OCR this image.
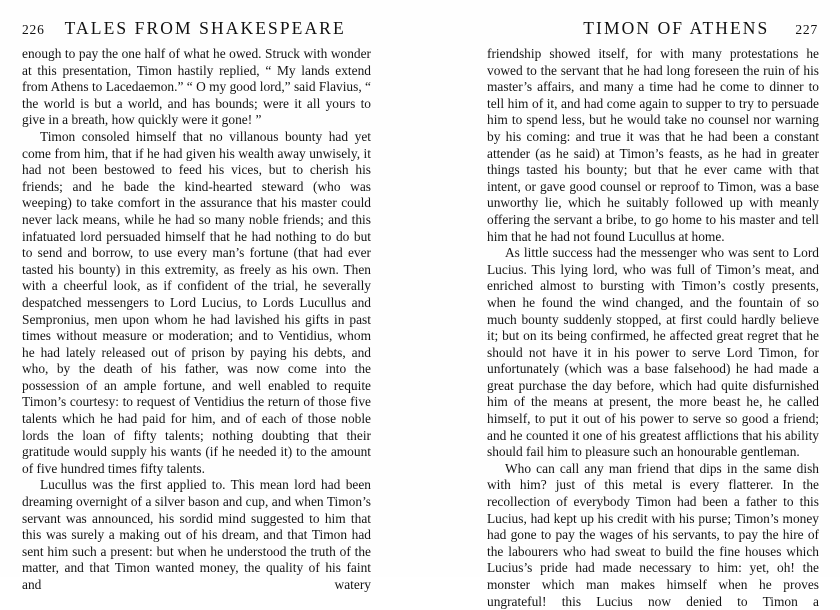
226 TALES FROM SHAKESPEARE	TIMON OF ATHENS 227

enough to pay the one half of what he owed. Struck with wonder at this presentation, Timon hastily replied, “ My lands extend from Athens to Lacedaemon.” “ O my good lord,” said Flavius, “ the world is but a world, and has bounds; were it all yours to give in a breath, how quickly were it gone! ”

Timon consoled himself that no villanous bounty had yet come from him, that if he had given his wealth away unwisely, it had not been bestowed to feed his vices, but to cherish his friends; and he bade the kind-hearted steward (who was weeping) to take comfort in the assurance that his master could never lack means, while he had so many noble friends; and this infatuated lord persuaded himself that he had nothing to do but to send and borrow, to use every man’s fortune (that had ever tasted his bounty) in this extremity, as freely as his own. Then with a cheerful look, as if confident of the trial, he severally despatched messengers to Lord Lucius, to Lords Lucullus and Sempronius, men upon whom he had lavished his gifts in past times without measure or moderation; and to Ventidius, whom he had lately released out of prison by paying his debts, and who, by the death of his father, was now come into the possession of an ample fortune, and well enabled to requite Timon’s courtesy: to request of Ventidius the return of those five talents which he had paid for him, and of each of those noble lords the loan of fifty talents; nothing doubting that their gratitude would supply his wants (if he needed it) to the amount of five hundred times fifty talents.

Lucullus was the first applied to. This mean lord had been dreaming overnight of a silver bason and cup, and when Timon’s servant was announced, his sordid mind suggested to him that this was surely a making out of his dream, and that Timon had sent him such a present: but when he understood the truth of the matter, and that Timon wanted money, the quality of his faint and watery

friendship showed itself, for with many protestations he vowed to the servant that he had long foreseen the ruin of his master’s affairs, and many a time had he come to dinner to tell him of it, and had come again to supper to try to persuade him to spend less, but he would take no counsel nor warning by his coming: and true it was that he had been a constant attender (as he said) at Timon’s feasts, as he had in greater things tasted his bounty; but that he ever came with that intent, or gave good counsel or reproof to Timon, was a base unworthy lie, which he suitably followed up with meanly offering the servant a bribe, to go home to his master and tell him that he had not found Lucullus at home.

As little success had the messenger who was sent to Lord Lucius. This lying lord, who was full of Timon’s meat, and enriched almost to bursting with Timon’s costly presents, when he found the wind changed, and the fountain of so much bounty suddenly stopped, at first could hardly believe it; but on its being confirmed, he affected great regret that he should not have it in his power to serve Lord Timon, for unfortunately (which was a base falsehood) he had made a great purchase the day before, which had quite disfurnished him of the means at present, the more beast he, he called himself, to put it out of his power to serve so good a friend; and he counted it one of his greatest afflictions that his ability should fail him to pleasure such an honourable gentleman.

Who can call any man friend that dips in the same dish with him? just of this metal is every flatterer. In the recollection of everybody Timon had been a father to this Lucius, had kept up his credit with his purse; Timon’s money had gone to pay the wages of his servants, to pay the hire of the labourers who had sweat to build the fine houses which Lucius’s pride had made necessary to him: yet, oh! the monster which man makes himself when he proves ungrateful! this Lucius now denied to Timon a
